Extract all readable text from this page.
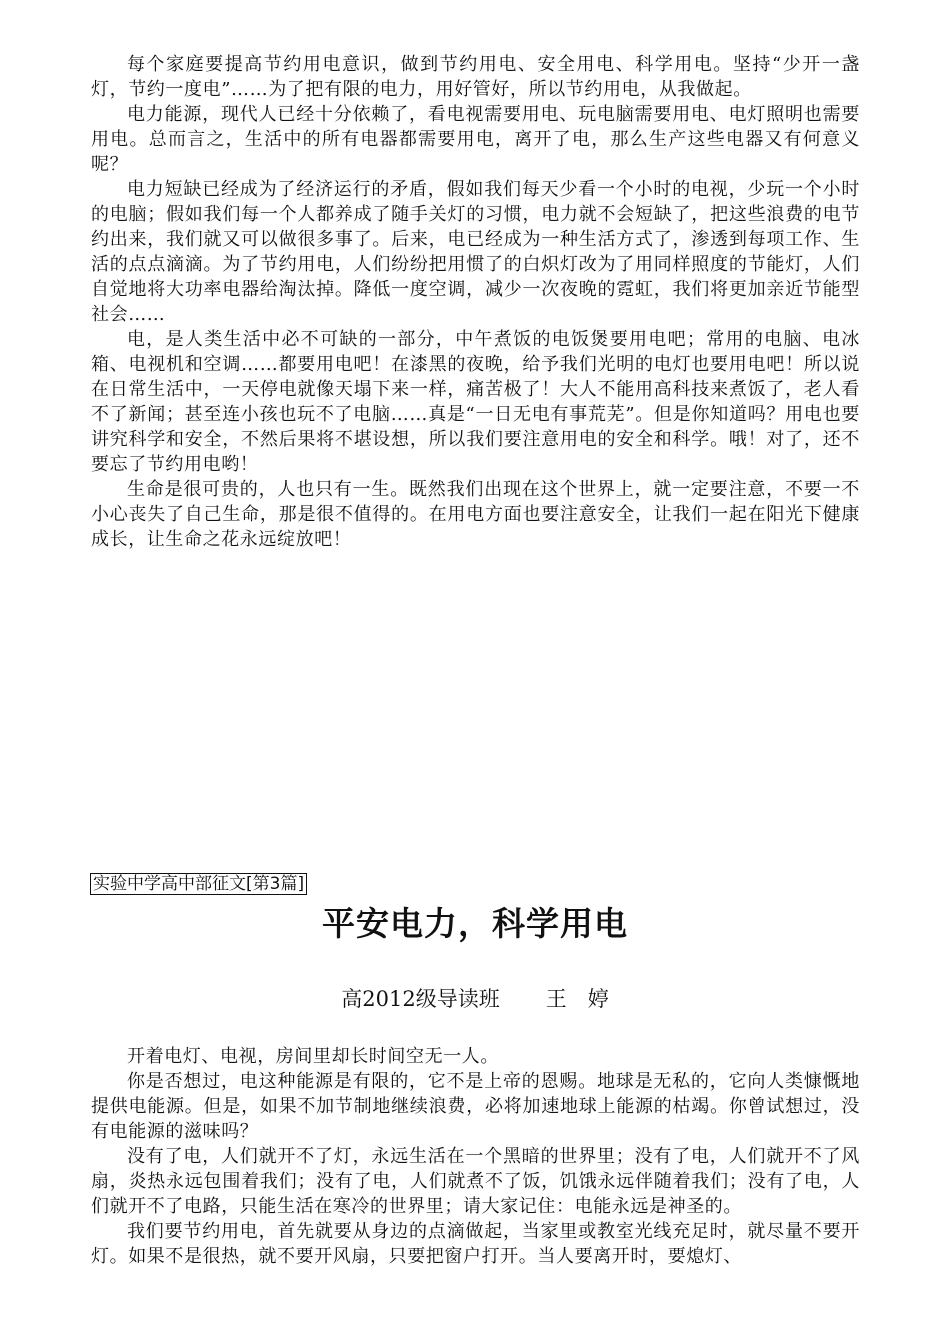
每个家庭要提高节约用电意识，做到节约用电、安全用电、科学用电。坚持“少开一盏灯，节约一度电”……为了把有限的电力，用好管好，所以节约用电，从我做起。

电力能源，现代人已经十分依赖了，看电视需要用电、玩电脑需要用电、电灯照明也需要用电。总而言之，生活中的所有电器都需要用电，离开了电，那么生产这些电器又有何意义呢？

电力短缺已经成为了经济运行的矛盾，假如我们每天少看一个小时的电视，少玩一个小时的电脑；假如我们每一个人都养成了随手关灯的习惯，电力就不会短缺了，把这些浪费的电节约出来，我们就又可以做很多事了。后来，电已经成为一种生活方式了，渗透到每项工作、生活的点点滴滴。为了节约用电，人们纷纷把用惯了的白炽灯改为了用同样照度的节能灯，人们自觉地将大功率电器给淘汰掉。降低一度空调，减少一次夜晚的霓虹，我们将更加亲近节能型社会……

电，是人类生活中必不可缺的一部分，中午煮饭的电饭煲要用电吧；常用的电脑、电冰箱、电视机和空调……都要用电吧！在漆黑的夜晚，给予我们光明的电灯也要用电吧！所以说在日常生活中，一天停电就像天塌下来一样，痛苦极了！大人不能用高科技来煮饭了，老人看不了新闻；甚至连小孩也玩不了电脑……真是“一日无电有事荒芜”。但是你知道吗？用电也要讲究科学和安全，不然后果将不堪设想，所以我们要注意用电的安全和科学。哦！对了，还不要忘了节约用电哟！

生命是很可贵的，人也只有一生。既然我们出现在这个世界上，就一定要注意，不要一不小心丧失了自己生命，那是很不值得的。在用电方面也要注意安全，让我们一起在阳光下健康成长，让生命之花永远绽放吧！

实验中学高中部征文[第3篇]
平安电力，科学用电
高2012级导读班 王　婷

开着电灯、电视，房间里却长时间空无一人。

你是否想过，电这种能源是有限的，它不是上帝的恩赐。地球是无私的，它向人类慷慨地提供电能源。但是，如果不加节制地继续浪费，必将加速地球上能源的枯竭。你曾试想过，没有电能源的滋味吗？

没有了电，人们就开不了灯，永远生活在一个黑暗的世界里；没有了电，人们就开不了风扇，炎热永远包围着我们；没有了电，人们就煮不了饭，饥饿永远伴随着我们；没有了电，人们就开不了电路，只能生活在寒冷的世界里；请大家记住：电能永远是神圣的。

我们要节约用电，首先就要从身边的点滴做起，当家里或教室光线充足时，就尽量不要开灯。如果不是很热，就不要开风扇，只要把窗户打开。当人要离开时，要熄灯、
